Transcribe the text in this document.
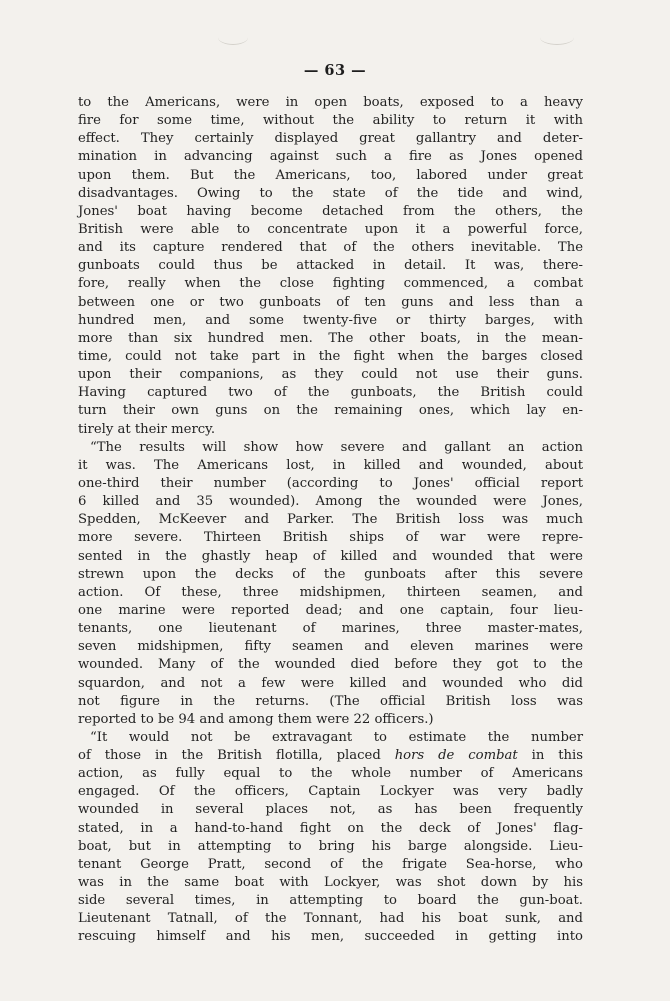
— 63 —
to the Americans, were in open boats, exposed to a heavy
fire for some time, without the ability to return it with
effect. They certainly displayed great gallantry and deter-
mination in advancing against such a fire as Jones opened
upon them. But the Americans, too, labored under great
disadvantages. Owing to the state of the tide and wind,
Jones' boat having become detached from the others, the
British were able to concentrate upon it a powerful force,
and its capture rendered that of the others inevitable. The
gunboats could thus be attacked in detail. It was, there-
fore, really when the close fighting commenced, a combat
between one or two gunboats of ten guns and less than a
hundred men, and some twenty-five or thirty barges, with
more than six hundred men. The other boats, in the mean-
time, could not take part in the fight when the barges closed
upon their companions, as they could not use their guns.
Having captured two of the gunboats, the British could
turn their own guns on the remaining ones, which lay en-
tirely at their mercy.
“The results will show how severe and gallant an action
it was. The Americans lost, in killed and wounded, about
one-third their number (according to Jones' official report
6 killed and 35 wounded). Among the wounded were Jones,
Spedden, McKeever and Parker. The British loss was much
more severe. Thirteen British ships of war were repre-
sented in the ghastly heap of killed and wounded that were
strewn upon the decks of the gunboats after this severe
action. Of these, three midshipmen, thirteen seamen, and
one marine were reported dead; and one captain, four lieu-
tenants, one lieutenant of marines, three master-mates,
seven midshipmen, fifty seamen and eleven marines were
wounded. Many of the wounded died before they got to the
squardon, and not a few were killed and wounded who did
not figure in the returns. (The official British loss was
reported to be 94 and among them were 22 officers.)
“It would not be extravagant to estimate the number
of those in the British flotilla, placed hors de combat in this
action, as fully equal to the whole number of Americans
engaged. Of the officers, Captain Lockyer was very badly
wounded in several places not, as has been frequently
stated, in a hand-to-hand fight on the deck of Jones' flag-
boat, but in attempting to bring his barge alongside. Lieu-
tenant George Pratt, second of the frigate Sea-horse, who
was in the same boat with Lockyer, was shot down by his
side several times, in attempting to board the gun-boat.
Lieutenant Tatnall, of the Tonnant, had his boat sunk, and
rescuing himself and his men, succeeded in getting into
